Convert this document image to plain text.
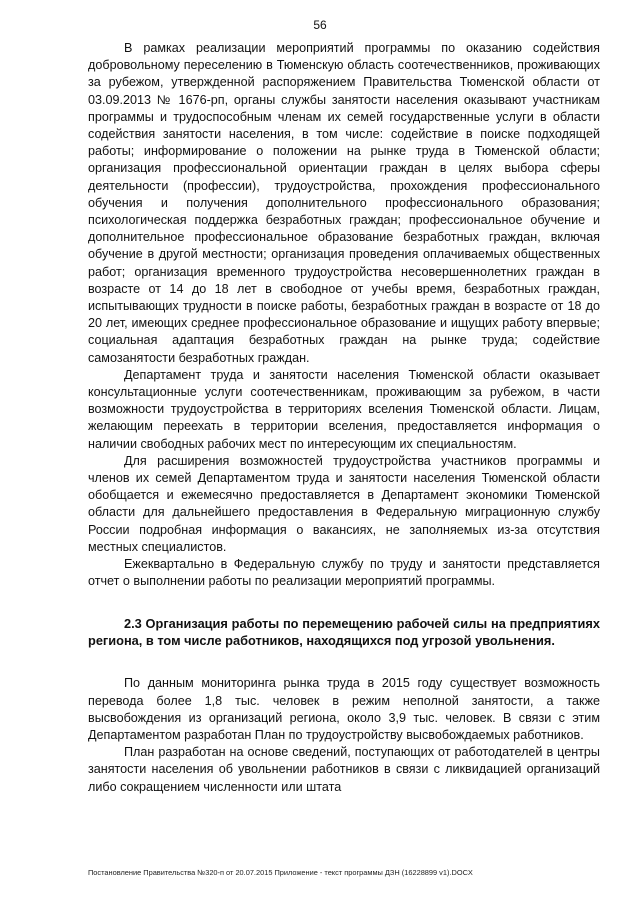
56

В рамках реализации мероприятий программы по оказанию содействия добровольному переселению в Тюменскую область соотечественников, проживающих за рубежом, утвержденной распоряжением Правительства Тюменской области от 03.09.2013 № 1676-рп, органы службы занятости населения оказывают участникам программы и трудоспособным членам их семей государственные услуги в области содействия занятости населения, в том числе: содействие в поиске подходящей работы; информирование о положении на рынке труда в Тюменской области; организация профессиональной ориентации граждан в целях выбора сферы деятельности (профессии), трудоустройства, прохождения профессионального обучения и получения дополнительного профессионального образования; психологическая поддержка безработных граждан; профессиональное обучение и дополнительное профессиональное образование безработных граждан, включая обучение в другой местности; организация проведения оплачиваемых общественных работ; организация временного трудоустройства несовершеннолетних граждан в возрасте от 14 до 18 лет в свободное от учебы время, безработных граждан, испытывающих трудности в поиске работы, безработных граждан в возрасте от 18 до 20 лет, имеющих среднее профессиональное образование и ищущих работу впервые; социальная адаптация безработных граждан на рынке труда; содействие самозанятости безработных граждан.

Департамент труда и занятости населения Тюменской области оказывает консультационные услуги соотечественникам, проживающим за рубежом, в части возможности трудоустройства в территориях вселения Тюменской области. Лицам, желающим переехать в территории вселения, предоставляется информация о наличии свободных рабочих мест по интересующим их специальностям.

Для расширения возможностей трудоустройства участников программы и членов их семей Департаментом труда и занятости населения Тюменской области обобщается и ежемесячно предоставляется в Департамент экономики Тюменской области для дальнейшего предоставления в Федеральную миграционную службу России подробная информация о вакансиях, не заполняемых из-за отсутствия местных специалистов.

Ежеквартально в Федеральную службу по труду и занятости представляется отчет о выполнении работы по реализации мероприятий программы.

2.3 Организация работы по перемещению рабочей силы на предприятиях региона, в том числе работников, находящихся под угрозой увольнения.

По данным мониторинга рынка труда в 2015 году существует возможность перевода более 1,8 тыс. человек в режим неполной занятости, а также высвобождения из организаций региона, около 3,9 тыс. человек. В связи с этим Департаментом разработан План по трудоустройству высвобождаемых работников.

План разработан на основе сведений, поступающих от работодателей в центры занятости населения об увольнении работников в связи с ликвидацией организаций либо сокращением численности или штата

Постановление Правительства №320-п от 20.07.2015 Приложение - текст программы ДЗН (16228899 v1).DOCX
